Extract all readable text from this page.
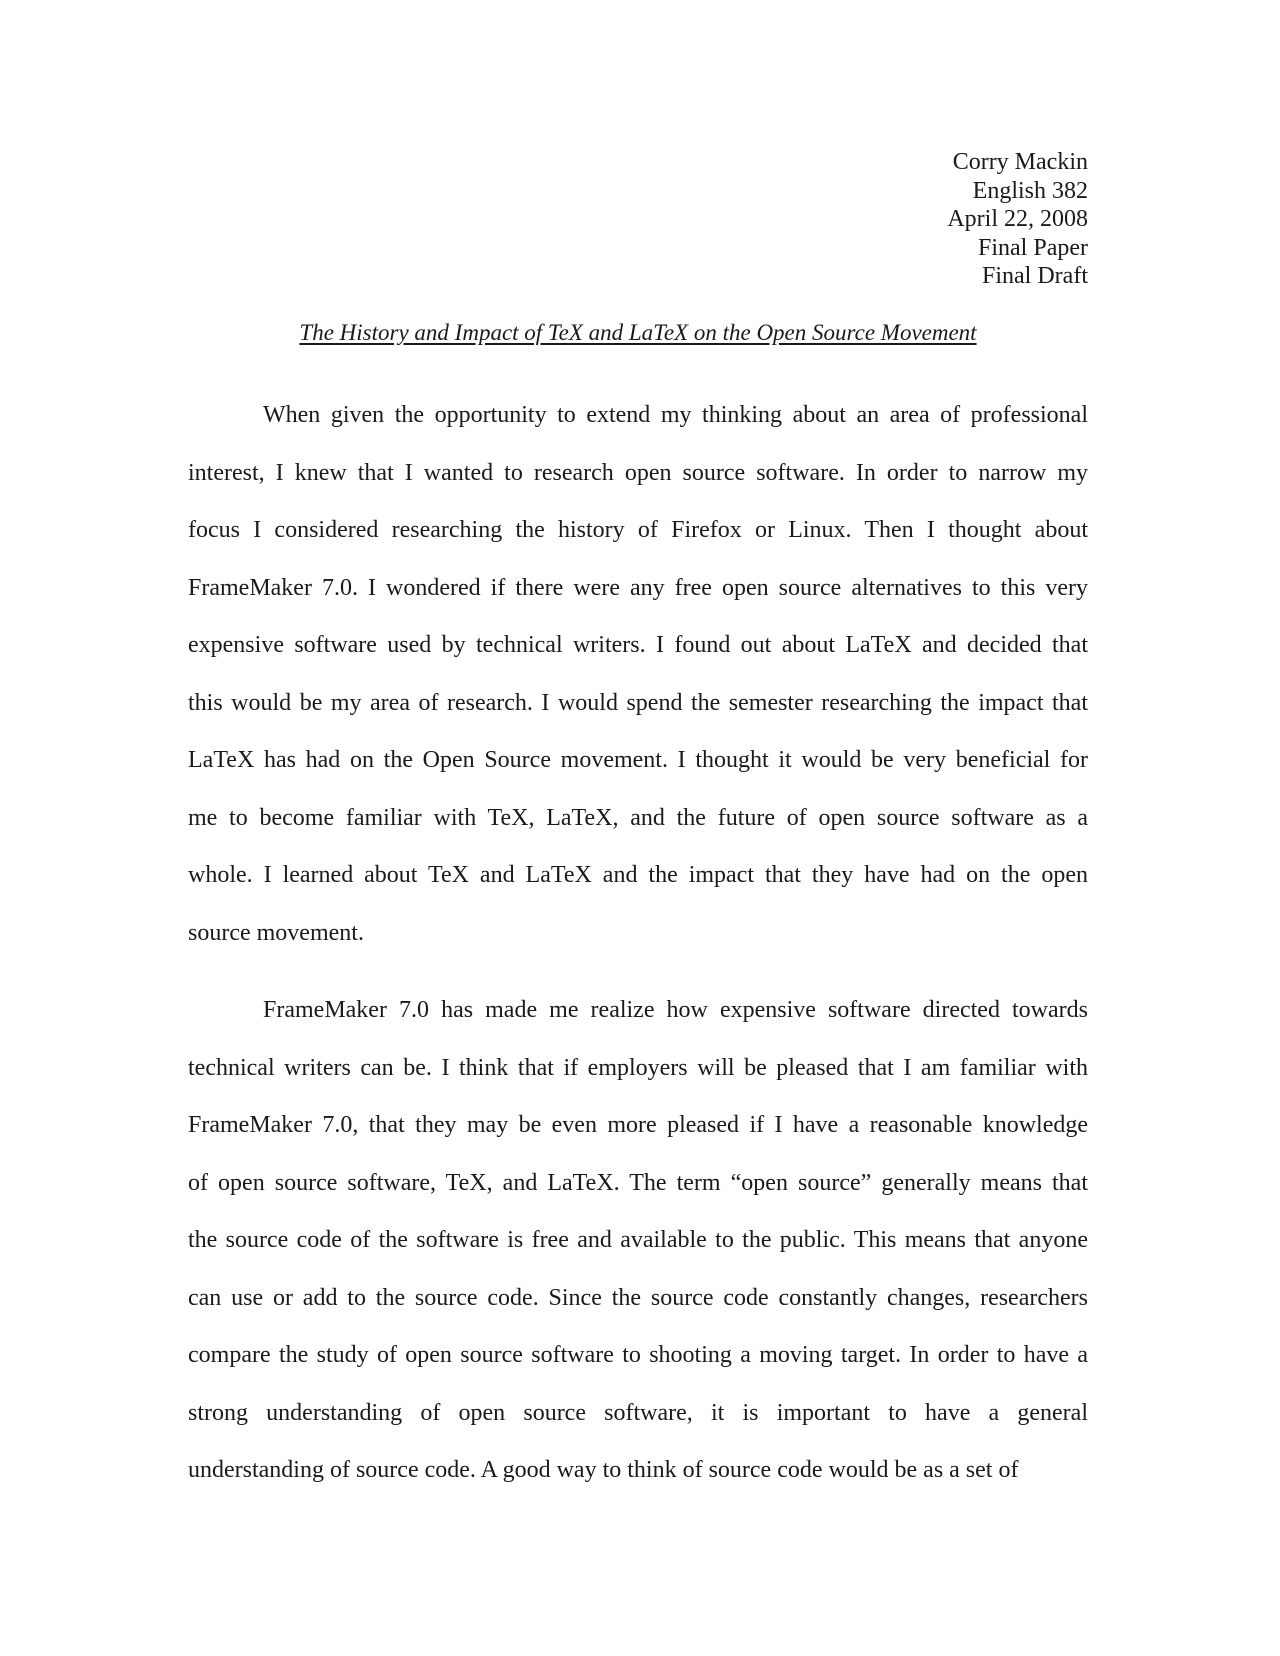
Corry Mackin
English 382
April 22, 2008
Final Paper
Final Draft
The History and Impact of TeX and LaTeX on the Open Source Movement
When given the opportunity to extend my thinking about an area of professional
interest, I knew that I wanted to research open source software. In order to narrow my
focus I considered researching the history of Firefox or Linux. Then I thought about
FrameMaker 7.0. I wondered if there were any free open source alternatives to this very
expensive software used by technical writers. I found out about LaTeX and decided that
this would be my area of research. I would spend the semester researching the impact that
LaTeX has had on the Open Source movement. I thought it would be very beneficial for
me to become familiar with TeX, LaTeX, and the future of open source software as a
whole. I learned about TeX and LaTeX and the impact that they have had on the open
source movement.
FrameMaker 7.0 has made me realize how expensive software directed towards
technical writers can be. I think that if employers will be pleased that I am familiar with
FrameMaker 7.0, that they may be even more pleased if I have a reasonable knowledge
of open source software, TeX, and LaTeX. The term “open source” generally means that
the source code of the software is free and available to the public. This means that anyone
can use or add to the source code. Since the source code constantly changes, researchers
compare the study of open source software to shooting a moving target. In order to have a
strong understanding of open source software, it is important to have a general
understanding of source code. A good way to think of source code would be as a set of
